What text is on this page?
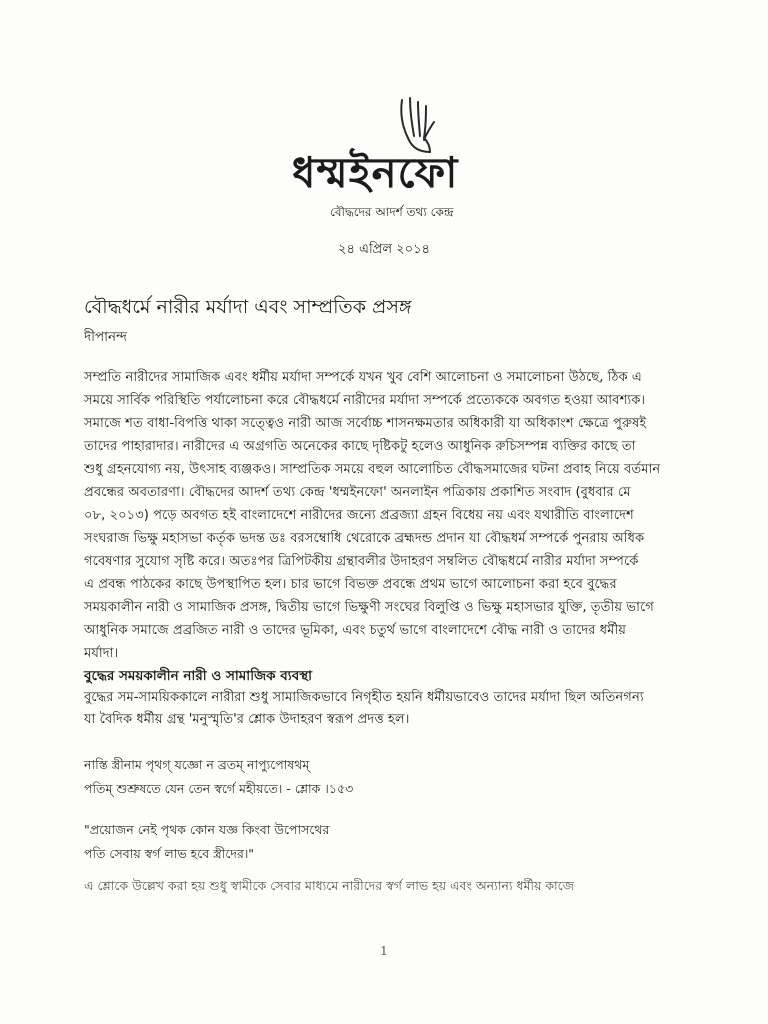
ধম্মইনফো
বৌদ্ধদের আদর্শ তথ্য কেন্দ্র
২৪ এপ্রিল ২০১৪
বৌদ্ধধর্মে নারীর মর্যাদা এবং সাম্প্রতিক প্রসঙ্গ
দীপানন্দ
সম্প্রতি নারীদের সামাজিক এবং ধর্মীয় মর্যাদা সম্পর্কে যখন খুব বেশি আলোচনা ও সমালোচনা উঠছে, ঠিক এ
সময়ে সার্বিক পরিস্থিতি পর্যালোচনা করে বৌদ্ধধর্মে নারীদের মর্যাদা সম্পর্কে প্রত্যেককে অবগত হওয়া আবশ্যক।
সমাজে শত বাধা-বিপত্তি থাকা সত্ত্বেও নারী আজ সর্বোচ্চ শাসনক্ষমতার অধিকারী যা অধিকাংশ ক্ষেত্রে পুরুষই
তাদের পাহারাদার। নারীদের এ অগ্রগতি অনেকের কাছে দৃষ্টিকটু হলেও আধুনিক রুচিসম্পন্ন ব্যক্তির কাছে তা
শুধু গ্রহনযোগ্য নয়, উৎসাহ ব্যঞ্জকও। সাম্প্রতিক সময়ে বহুল আলোচিত বৌদ্ধসমাজের ঘটনা প্রবাহ নিয়ে বর্তমান
প্রবন্ধের অবতারণা। বৌদ্ধদের আদর্শ তথ্য কেন্দ্র 'ধম্মইনফো' অনলাইন পত্রিকায় প্রকাশিত সংবাদ (বুধবার মে
০৮, ২০১৩) পড়ে অবগত হই বাংলাদেশে নারীদের জন্যে প্রব্রজ্যা গ্রহন বিধেয় নয় এবং যথারীতি বাংলাদেশ
সংঘরাজ ভিক্ষু মহাসভা কর্তৃক ভদন্ত ডঃ বরসম্বোধি থেরোকে ব্রহ্মদন্ড প্রদান যা বৌদ্ধধর্ম সম্পর্কে পুনরায় অধিক
গবেষণার সুযোগ সৃষ্টি করে। অতঃপর ত্রিপিটকীয় গ্রন্থাবলীর উদাহরণ সম্বলিত বৌদ্ধধর্মে নারীর মর্যাদা সম্পর্কে
এ প্রবন্ধ পাঠকের কাছে উপস্থাপিত হল। চার ভাগে বিভক্ত প্রবন্ধে প্রথম ভাগে আলোচনা করা হবে বুদ্ধের
সময়কালীন নারী ও সামাজিক প্রসঙ্গ, দ্বিতীয় ভাগে ভিক্ষুণী সংঘের বিলুপ্তি ও ভিক্ষু মহাসভার যুক্তি, তৃতীয় ভাগে
আধুনিক সমাজে প্রব্রজিত নারী ও তাদের ভূমিকা, এবং চতুর্থ ভাগে বাংলাদেশে বৌদ্ধ নারী ও তাদের ধর্মীয়
মর্যাদা।
বুদ্ধের সময়কালীন নারী ও সামাজিক ব্যবস্থা
বুদ্ধের সম-সাময়িককালে নারীরা শুধু সামাজিকভাবে নিগৃহীত হয়নি ধর্মীয়ভাবেও তাদের মর্যাদা ছিল অতিনগন্য
যা বৈদিক ধর্মীয় গ্রন্থ 'মনুস্মৃতি'র শ্লোক উদাহরণ স্বরূপ প্রদত্ত হল।
নাস্তি স্ত্রীনাম পৃথগ্ যজ্ঞো ন ব্রতম্ নাপ্যুপোষথম্
পতিম্ শুশ্রুষতে যেন তেন স্বর্গে মহীয়তে। - শ্লোক ।১৫৩
"প্রয়োজন নেই পৃথক কোন যজ্ঞ কিংবা উপোসথের
পতি সেবায় স্বর্গ লাভ হবে স্ত্রীদের।"
এ শ্লোকে উল্লেখ করা হয় শুধু স্বামীকে সেবার মাধ্যমে নারীদের স্বর্গ লাভ হয় এবং অন্যান্য ধর্মীয় কাজে
1
